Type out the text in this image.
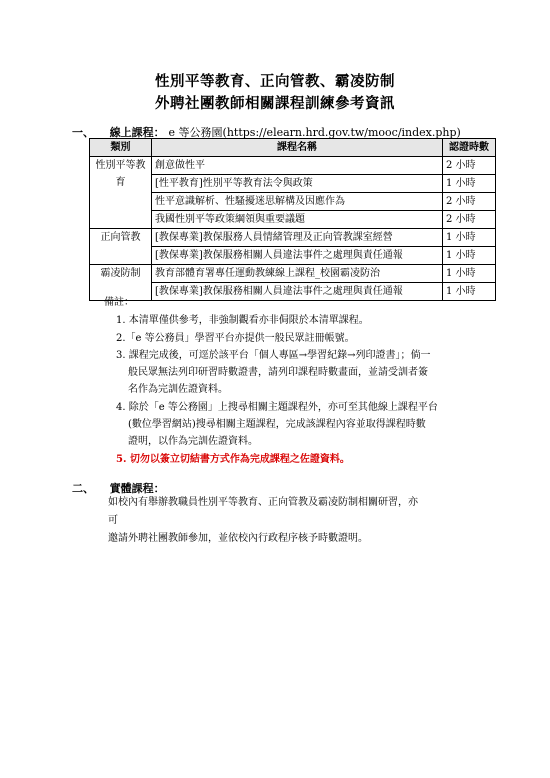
性別平等教育、正向管教、霸凌防制
外聘社團教師相關課程訓練參考資訊
一、 線上課程： e 等公務園(https://elearn.hrd.gov.tw/mooc/index.php)
類別	課程名稱	認證時數
性別平等教育	創意做性平	2 小時
	[性平教育]性別平等教育法令與政策	1 小時
	性平意識解析、性騷擾迷思解構及因應作為	2 小時
	我國性別平等政策綱領與重要議題	2 小時
正向管教	[教保專業]教保服務人員情緒管理及正向管教課室經營	1 小時
	[教保專業]教保服務相關人員違法事件之處理與責任通報	1 小時
霸凌防制	教育部體育署專任運動教練線上課程_校園霸凌防治	1 小時
	[教保專業]教保服務相關人員違法事件之處理與責任通報	1 小時
備註：
1. 本清單僅供參考，非強制觀看亦非侷限於本清單課程。
2.「e 等公務員」學習平台亦提供一般民眾註冊帳號。
3. 課程完成後，可逕於該平台「個人專區→學習紀錄→列印證書」；倘一
般民眾無法列印研習時數證書，請列印課程時數畫面，並請受訓者簽
名作為完訓佐證資料。
4. 除於「e 等公務園」上搜尋相關主題課程外，亦可至其他線上課程平台
(數位學習網站)搜尋相關主題課程，完成該課程內容並取得課程時數
證明，以作為完訓佐證資料。
5. 切勿以簽立切結書方式作為完成課程之佐證資料。
二、 實體課程：
如校內有舉辦教職員性別平等教育、正向管教及霸凌防制相關研習，亦可
邀請外聘社團教師參加，並依校內行政程序核予時數證明。
